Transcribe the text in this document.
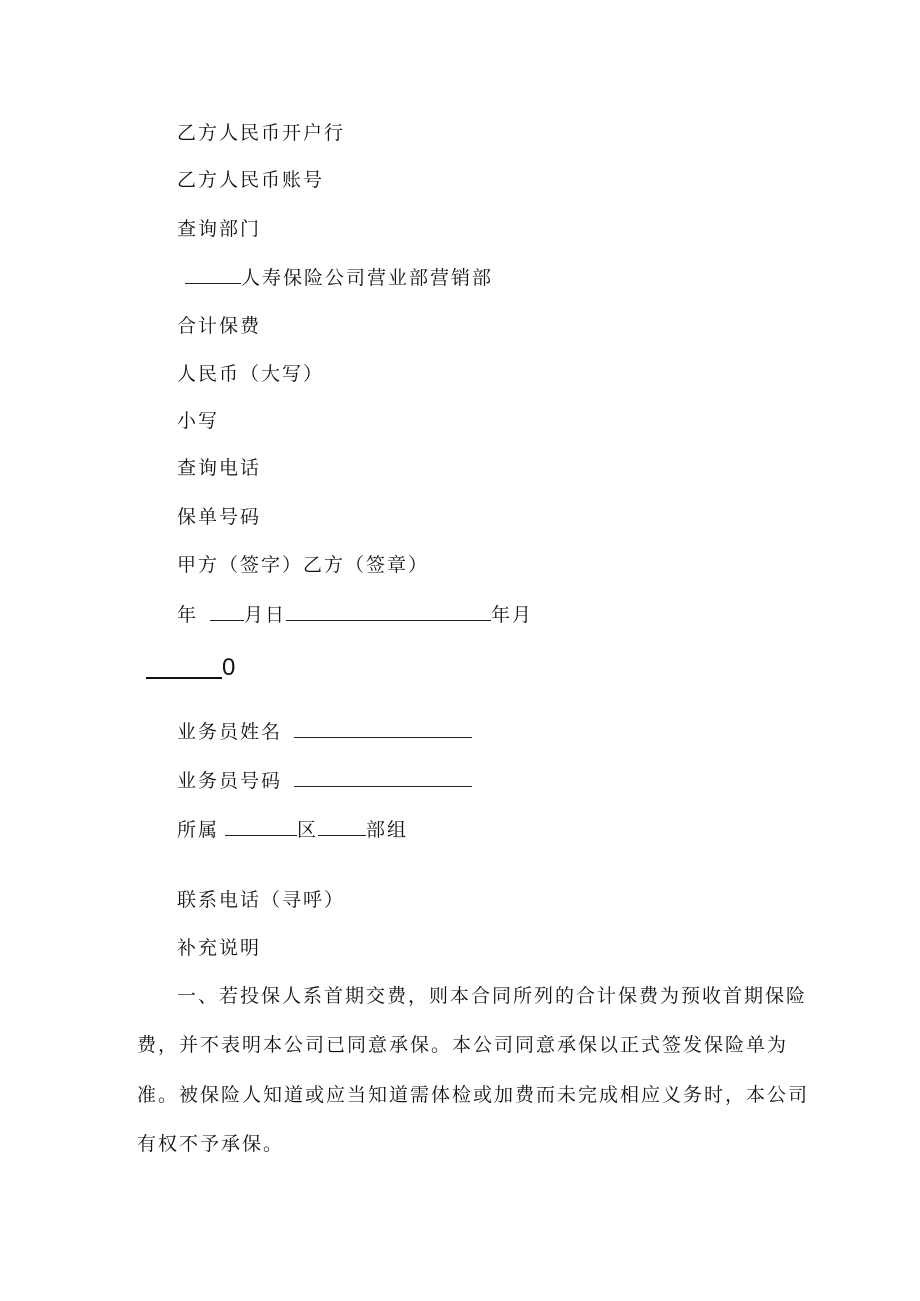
乙方人民币开户行
乙方人民币账号
查询部门
人寿保险公司营业部营销部
合计保费
人民币（大写）
小写
查询电话
保单号码
甲方（签字）乙方（签章）
年 月日	年月
0
业务员姓名
业务员号码
所属	区	部组
联系电话（寻呼）
补充说明
一、若投保人系首期交费，则本合同所列的合计保费为预收首期保险
费，并不表明本公司已同意承保。本公司同意承保以正式签发保险单为
准。被保险人知道或应当知道需体检或加费而未完成相应义务时，本公司
有权不予承保。
